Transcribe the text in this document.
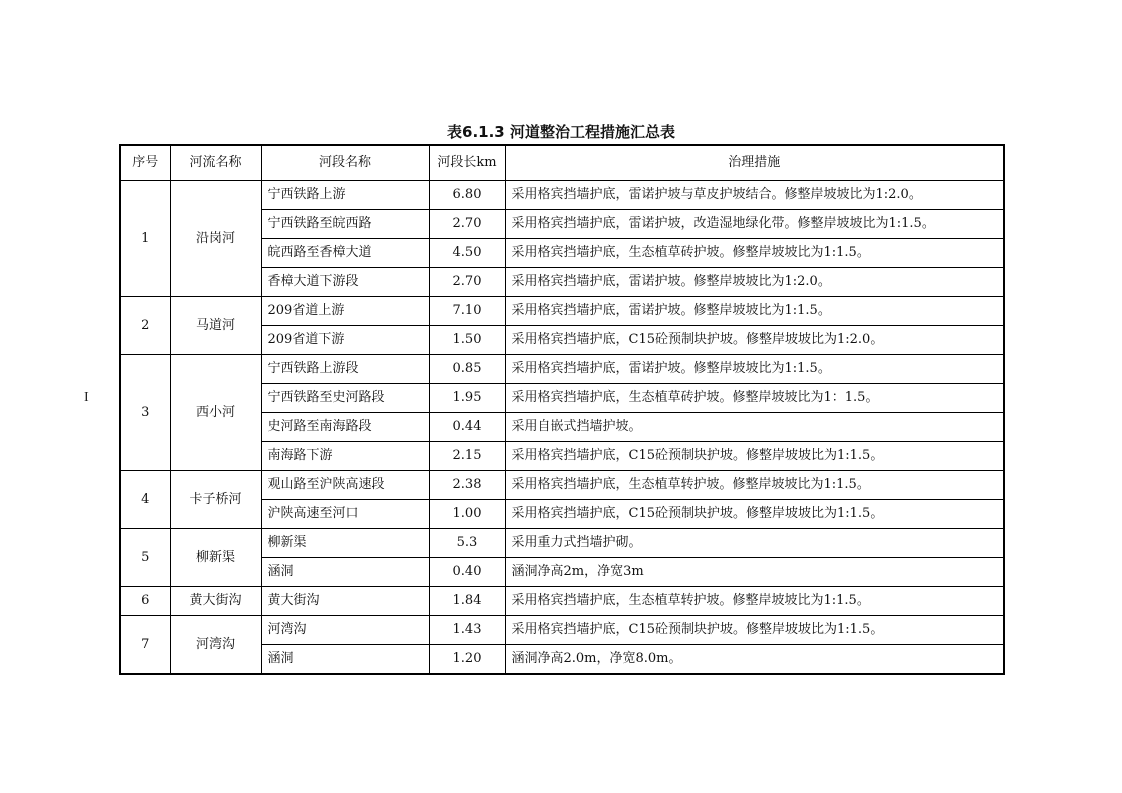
I
表6.1.3 河道整治工程措施汇总表
序号	河流名称	河段名称	河段长km	治理措施
1	沿岗河	宁西铁路上游	6.80	采用格宾挡墙护底，雷诺护坡与草皮护坡结合。修整岸坡坡比为1:2.0。
		宁西铁路至皖西路	2.70	采用格宾挡墙护底，雷诺护坡，改造湿地绿化带。修整岸坡坡比为1:1.5。
		皖西路至香樟大道	4.50	采用格宾挡墙护底，生态植草砖护坡。修整岸坡坡比为1:1.5。
		香樟大道下游段	2.70	采用格宾挡墙护底，雷诺护坡。修整岸坡坡比为1:2.0。
2	马道河	209省道上游	7.10	采用格宾挡墙护底，雷诺护坡。修整岸坡坡比为1:1.5。
		209省道下游	1.50	采用格宾挡墙护底，C15砼预制块护坡。修整岸坡坡比为1:2.0。
3	西小河	宁西铁路上游段	0.85	采用格宾挡墙护底，雷诺护坡。修整岸坡坡比为1:1.5。
		宁西铁路至史河路段	1.95	采用格宾挡墙护底，生态植草砖护坡。修整岸坡坡比为1：1.5。
		史河路至南海路段	0.44	采用自嵌式挡墙护坡。
		南海路下游	2.15	采用格宾挡墙护底，C15砼预制块护坡。修整岸坡坡比为1:1.5。
4	卡子桥河	观山路至沪陕高速段	2.38	采用格宾挡墙护底，生态植草转护坡。修整岸坡坡比为1:1.5。
		沪陕高速至河口	1.00	采用格宾挡墙护底，C15砼预制块护坡。修整岸坡坡比为1:1.5。
5	柳新渠	柳新渠	5.3	采用重力式挡墙护砌。
		涵洞	0.40	涵洞净高2m，净宽3m
6	黄大街沟	黄大街沟	1.84	采用格宾挡墙护底，生态植草转护坡。修整岸坡坡比为1:1.5。
7	河湾沟	河湾沟	1.43	采用格宾挡墙护底，C15砼预制块护坡。修整岸坡坡比为1:1.5。
		涵洞	1.20	涵洞净高2.0m，净宽8.0m。
